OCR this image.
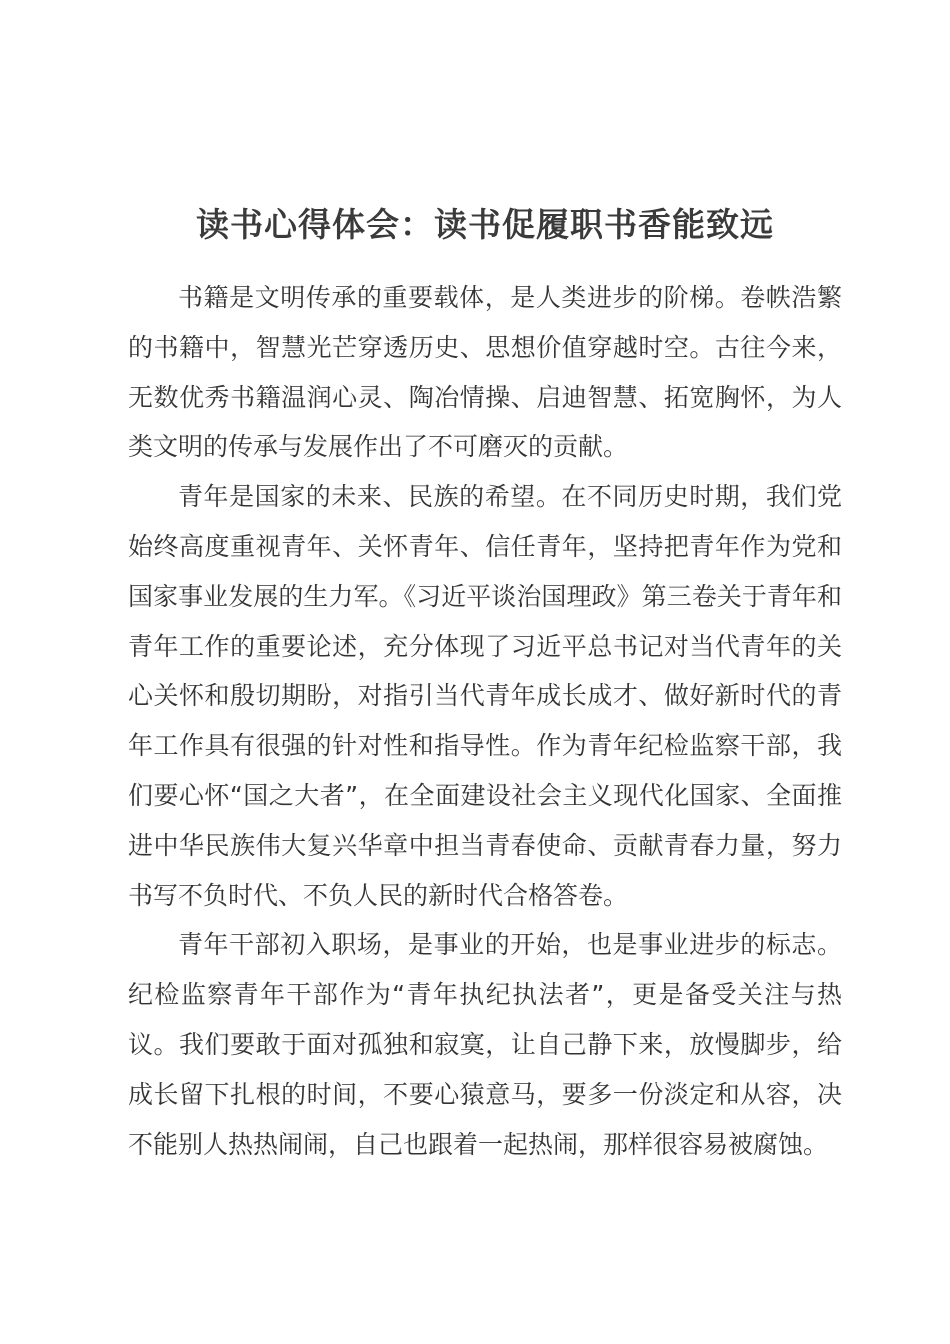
读书心得体会：读书促履职书香能致远

书籍是文明传承的重要载体，是人类进步的阶梯。卷帙浩繁的书籍中，智慧光芒穿透历史、思想价值穿越时空。古往今来，无数优秀书籍温润心灵、陶冶情操、启迪智慧、拓宽胸怀，为人类文明的传承与发展作出了不可磨灭的贡献。

青年是国家的未来、民族的希望。在不同历史时期，我们党始终高度重视青年、关怀青年、信任青年，坚持把青年作为党和国家事业发展的生力军。《习近平谈治国理政》第三卷关于青年和青年工作的重要论述，充分体现了习近平总书记对当代青年的关心关怀和殷切期盼，对指引当代青年成长成才、做好新时代的青年工作具有很强的针对性和指导性。作为青年纪检监察干部，我们要心怀“国之大者”，在全面建设社会主义现代化国家、全面推进中华民族伟大复兴华章中担当青春使命、贡献青春力量，努力书写不负时代、不负人民的新时代合格答卷。

青年干部初入职场，是事业的开始，也是事业进步的标志。纪检监察青年干部作为“青年执纪执法者”，更是备受关注与热议。我们要敢于面对孤独和寂寞，让自己静下来，放慢脚步，给成长留下扎根的时间，不要心猿意马，要多一份淡定和从容，决不能别人热热闹闹，自己也跟着一起热闹，那样很容易被腐蚀。
